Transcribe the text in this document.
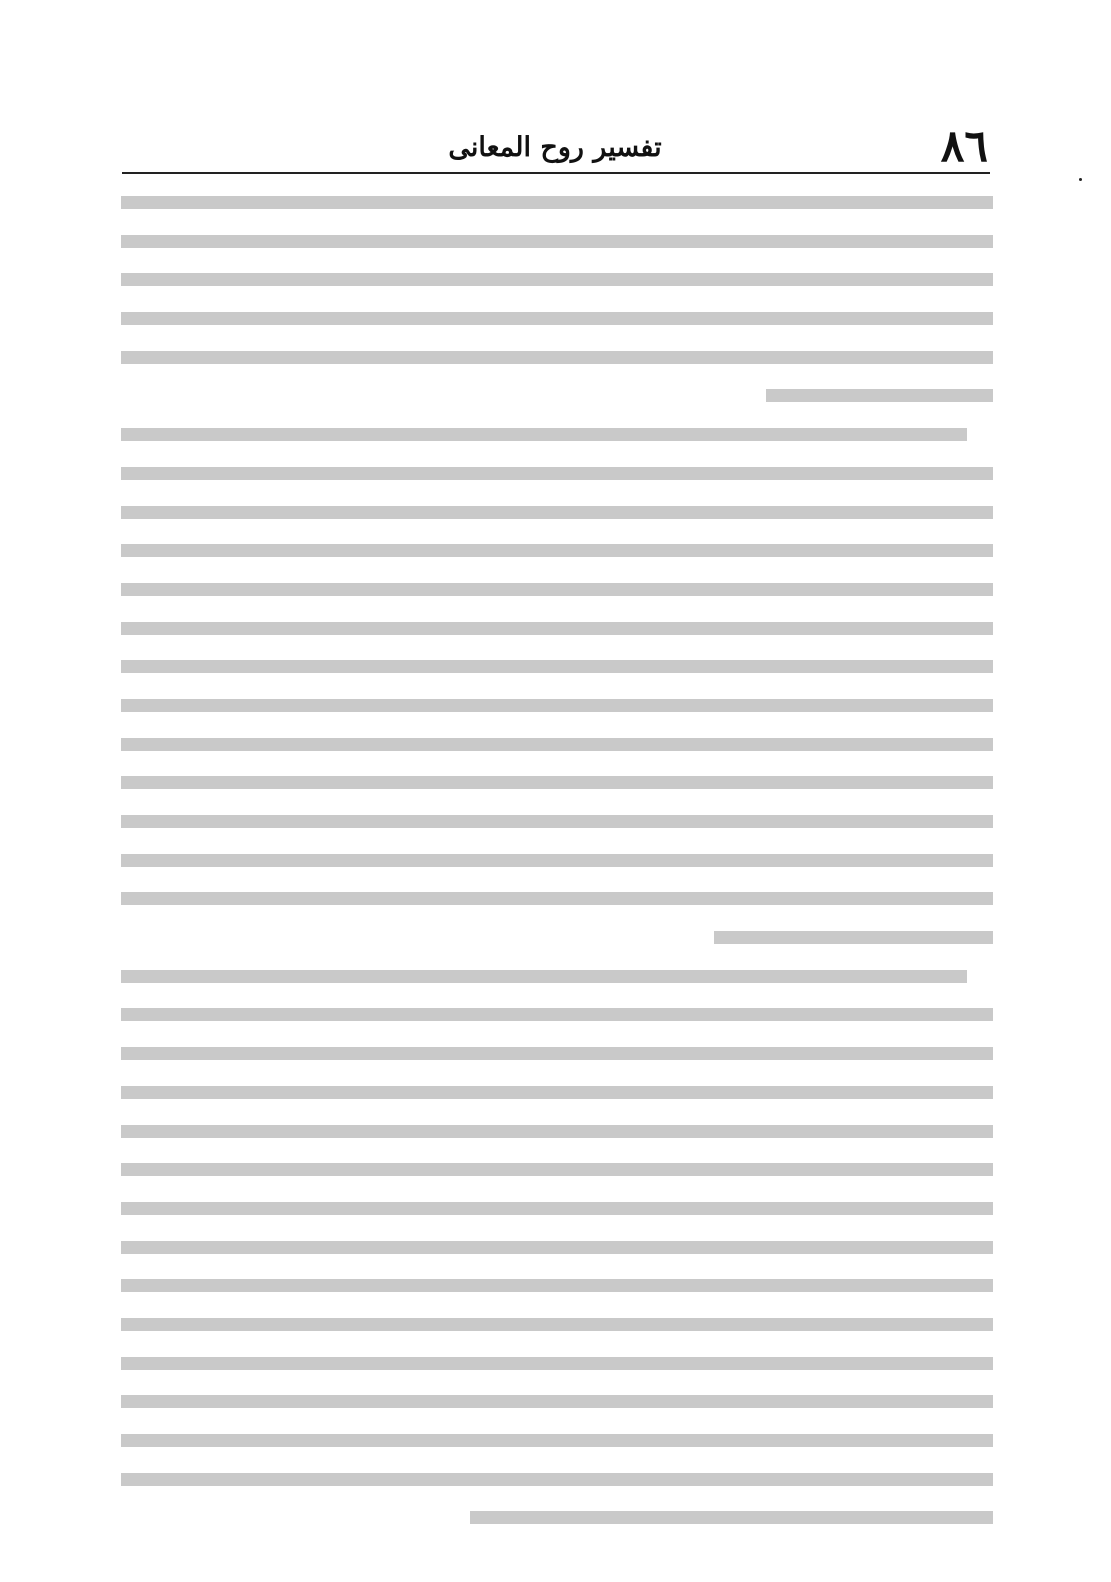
٨٦
تفسير روح المعانى
